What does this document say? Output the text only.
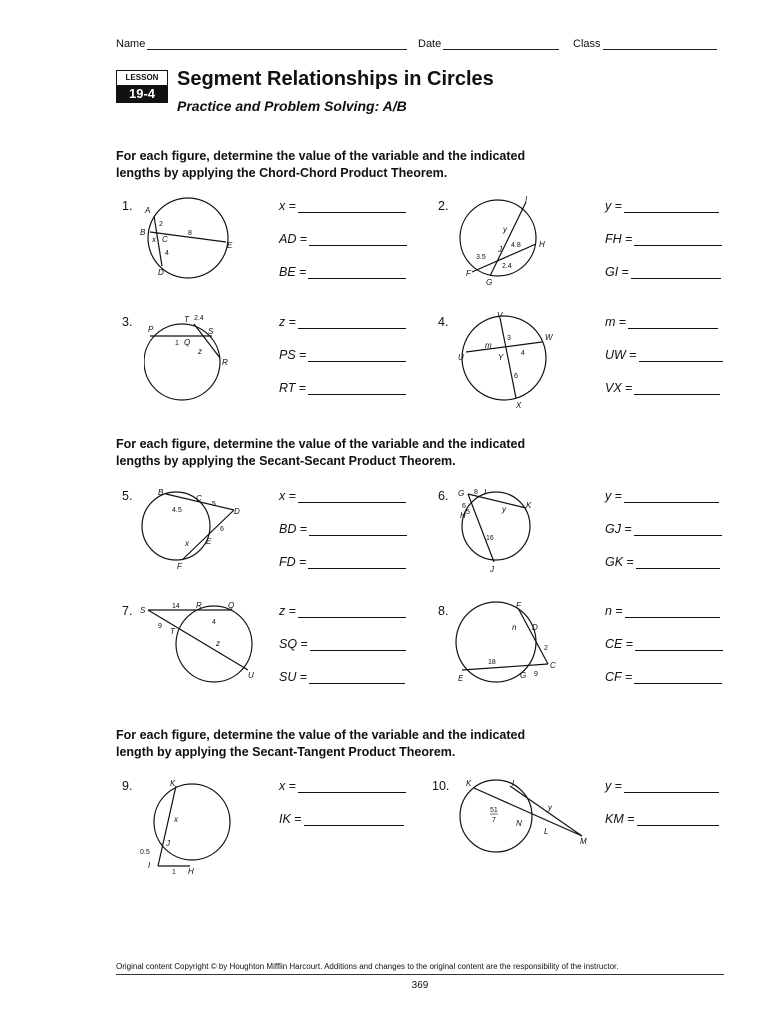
Name	Date	Class
LESSON
19-4
Segment Relationships in Circles
Practice and Problem Solving: A/B
For each figure, determine the value of the variable and the indicated
lengths by applying the Chord-Chord Product Theorem.
For each figure, determine the value of the variable and the indicated
lengths by applying the Secant-Secant Product Theorem.
For each figure, determine the value of the variable and the indicated
length by applying the Secant-Tangent Product Theorem.
1.	2.
3.	4.
5.	6.
7.	8.
9.	10.
x =
AD =
BE =
y =
FH =
GI =
z =
PS =
RT =
m =
UW =
VX =
x =
BD =
FD =
y =
GJ =
GK =
z =
SQ =
SU =
n =
CE =
CF =
x =
IK =
y =
KM =
A
B
C
D
E
x
2
8
4
I
F
G
H
J
y
4.8
3.5
2.4
P
Q
R
S
T
z
2.4
1
V
W
U	Y
X
m
3
4
6
B
C
D
E
F
x
4.5
5
6
G
H
I
J
K
y
6
8
5
16
S
R	Q
T
U
z
14
9
4
F
D
C
G
E
n
2
18
9
K
x
J
I
H
0.5
1
K	I
N
M
L
y
51
7
Original content Copyright © by Houghton Mifflin Harcourt. Additions and changes to the original content are the responsibility of the instructor.
369
